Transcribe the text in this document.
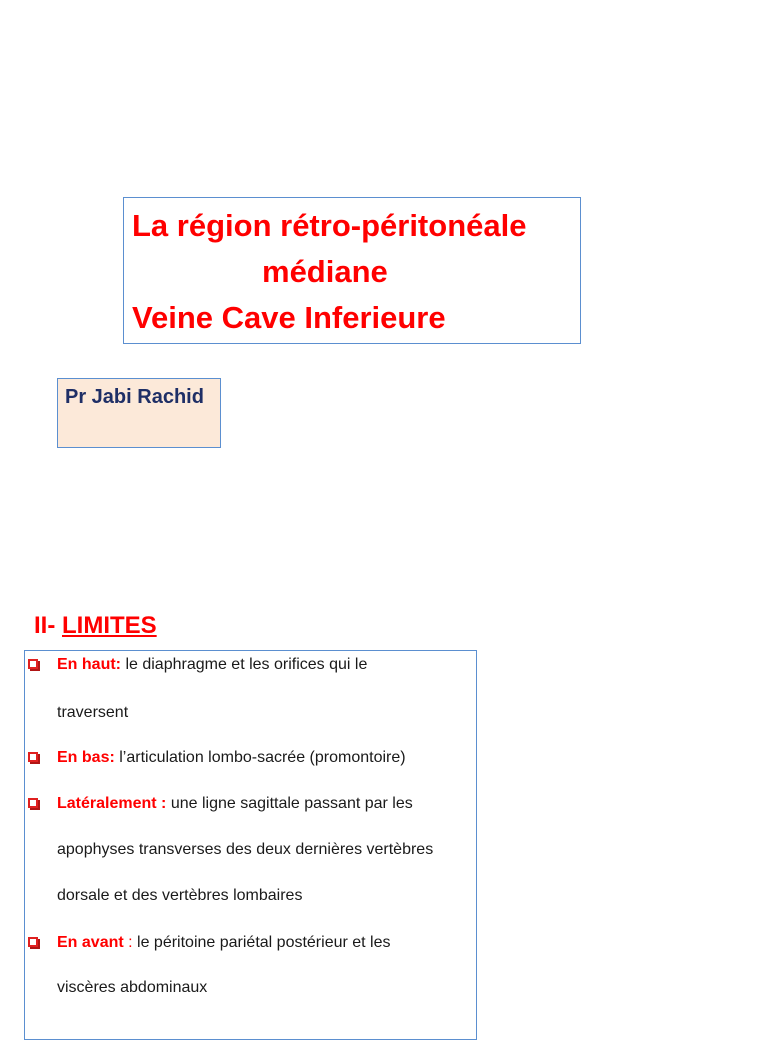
La région rétro-péritonéale
médiane
Veine Cave Inferieure
Pr Jabi Rachid
II- LIMITES
En haut: le diaphragme et les orifices qui le
traversent
En bas: l’articulation lombo-sacrée (promontoire)
Latéralement : une ligne sagittale passant par les
apophyses transverses des deux dernières vertèbres
dorsale et des vertèbres lombaires
En avant : le péritoine pariétal postérieur et les
viscères abdominaux
